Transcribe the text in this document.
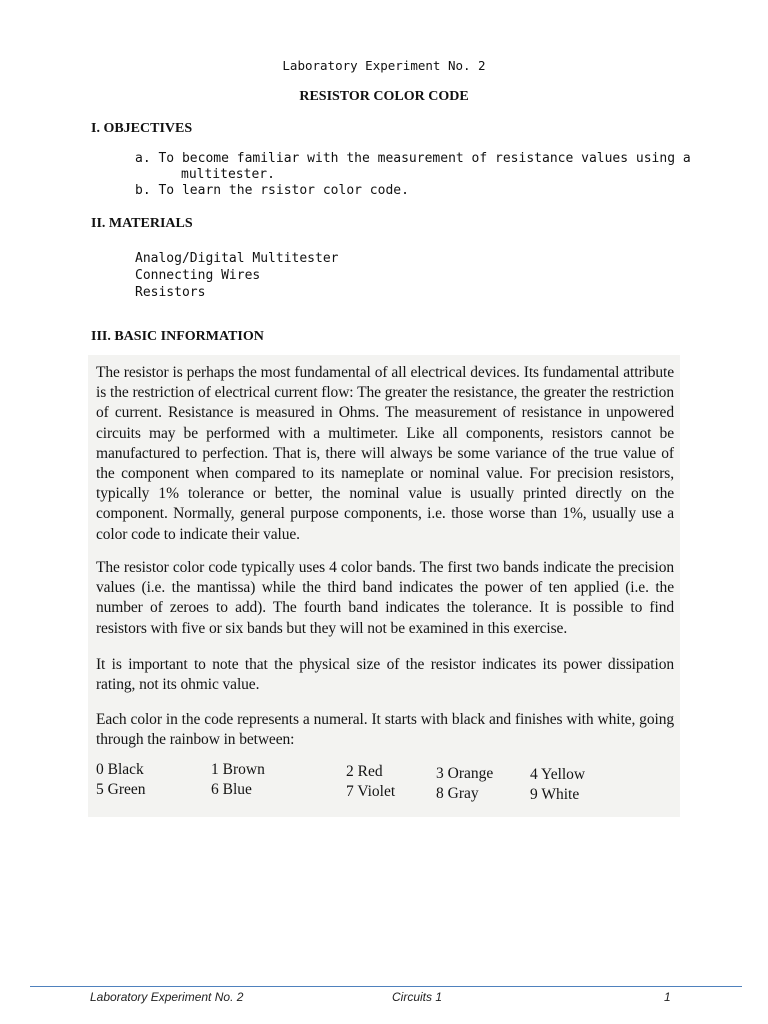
Laboratory Experiment No. 2
RESISTOR COLOR CODE
I. OBJECTIVES
a. To become familiar with the measurement of resistance values using a
multitester.
b. To learn the rsistor color code.
II. MATERIALS
Analog/Digital Multitester
Connecting Wires
Resistors
III. BASIC INFORMATION
The resistor is perhaps the most fundamental of all electrical devices. Its fundamental attribute is the restriction of electrical current flow: The greater the resistance, the greater the restriction of current. Resistance is measured in Ohms. The measurement of resistance in unpowered circuits may be performed with a multimeter. Like all components, resistors cannot be manufactured to perfection. That is, there will always be some variance of the true value of the component when compared to its nameplate or nominal value. For precision resistors, typically 1% tolerance or better, the nominal value is usually printed directly on the component. Normally, general purpose components, i.e. those worse than 1%, usually use a color code to indicate their value.
The resistor color code typically uses 4 color bands. The first two bands indicate the precision values (i.e. the mantissa) while the third band indicates the power of ten applied (i.e. the number of zeroes to add). The fourth band indicates the tolerance. It is possible to find resistors with five or six bands but they will not be examined in this exercise.
It is important to note that the physical size of the resistor indicates its power dissipation rating, not its ohmic value.
Each color in the code represents a numeral. It starts with black and finishes with white, going through the rainbow in between:
0 Black	1 Brown	2 Red	3 Orange 4 Yellow
5 Green	6 Blue	7 Violet	8 Gray	9 White
Laboratory Experiment No. 2	Circuits 1	1
